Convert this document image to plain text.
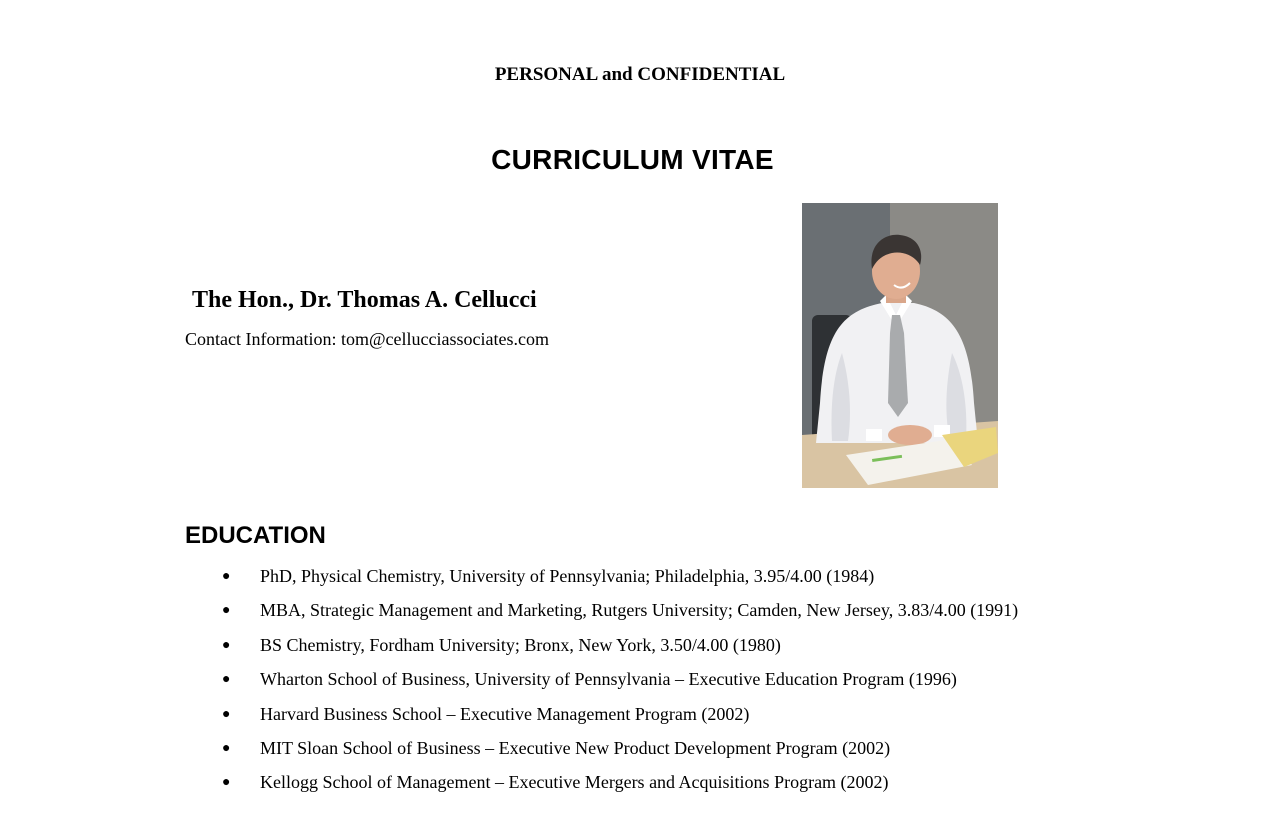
PERSONAL and CONFIDENTIAL
CURRICULUM VITAE
The Hon., Dr. Thomas A. Cellucci
Contact Information: tom@cellucciassociates.com
EDUCATION
●	PhD, Physical Chemistry, University of Pennsylvania; Philadelphia, 3.95/4.00 (1984)
●	MBA, Strategic Management and Marketing, Rutgers University; Camden, New Jersey, 3.83/4.00 (1991)
●	BS Chemistry, Fordham University; Bronx, New York, 3.50/4.00 (1980)
●	Wharton School of Business, University of Pennsylvania – Executive Education Program (1996)
●	Harvard Business School – Executive Management Program (2002)
●	MIT Sloan School of Business – Executive New Product Development Program (2002)
●	Kellogg School of Management – Executive Mergers and Acquisitions Program (2002)
